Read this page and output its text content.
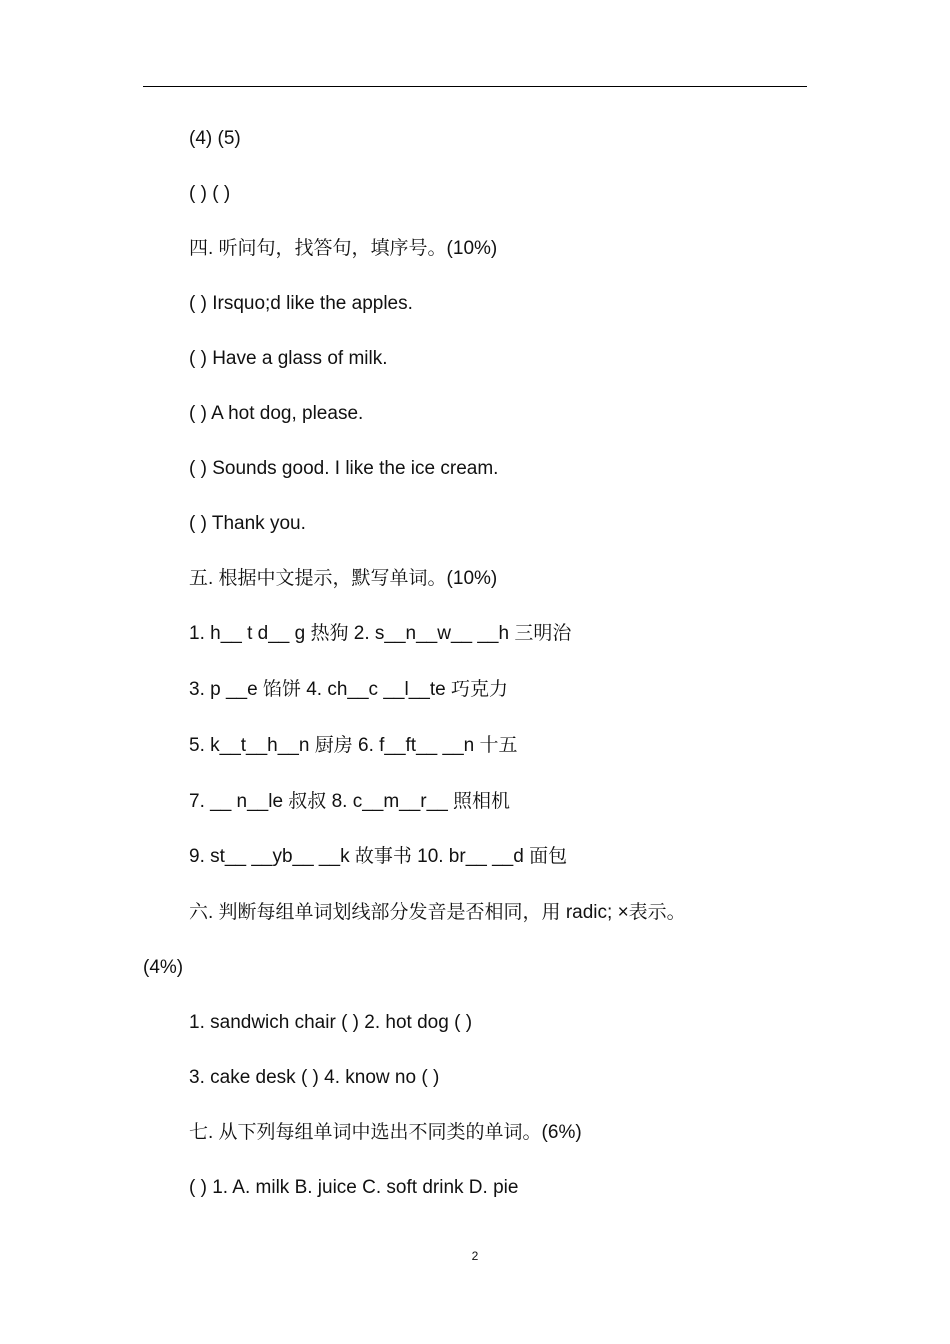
(4) (5)
( ) ( )
四. 听问句，找答句，填序号。(10%)
( ) Irsquo;d like the apples.
( ) Have a glass of milk.
( ) A hot dog, please.
( ) Sounds good. I like the ice cream.
( ) Thank you.
五. 根据中文提示，默写单词。(10%)
1. h__ t d__ g 热狗 2. s__n__w__ __h 三明治
3. p __e 馅饼 4. ch__c __l__te 巧克力
5. k__t__h__n 厨房 6. f__ft__ __n 十五
7. __ n__le 叔叔 8. c__m__r__ 照相机
9. st__ __yb__ __k 故事书 10. br__ __d 面包
六. 判断每组单词划线部分发音是否相同，用 radic; ×表示。
(4%)
1. sandwich chair ( ) 2. hot dog ( )
3. cake desk ( ) 4. know no ( )
七. 从下列每组单词中选出不同类的单词。(6%)
( ) 1. A. milk B. juice C. soft drink D. pie
2
